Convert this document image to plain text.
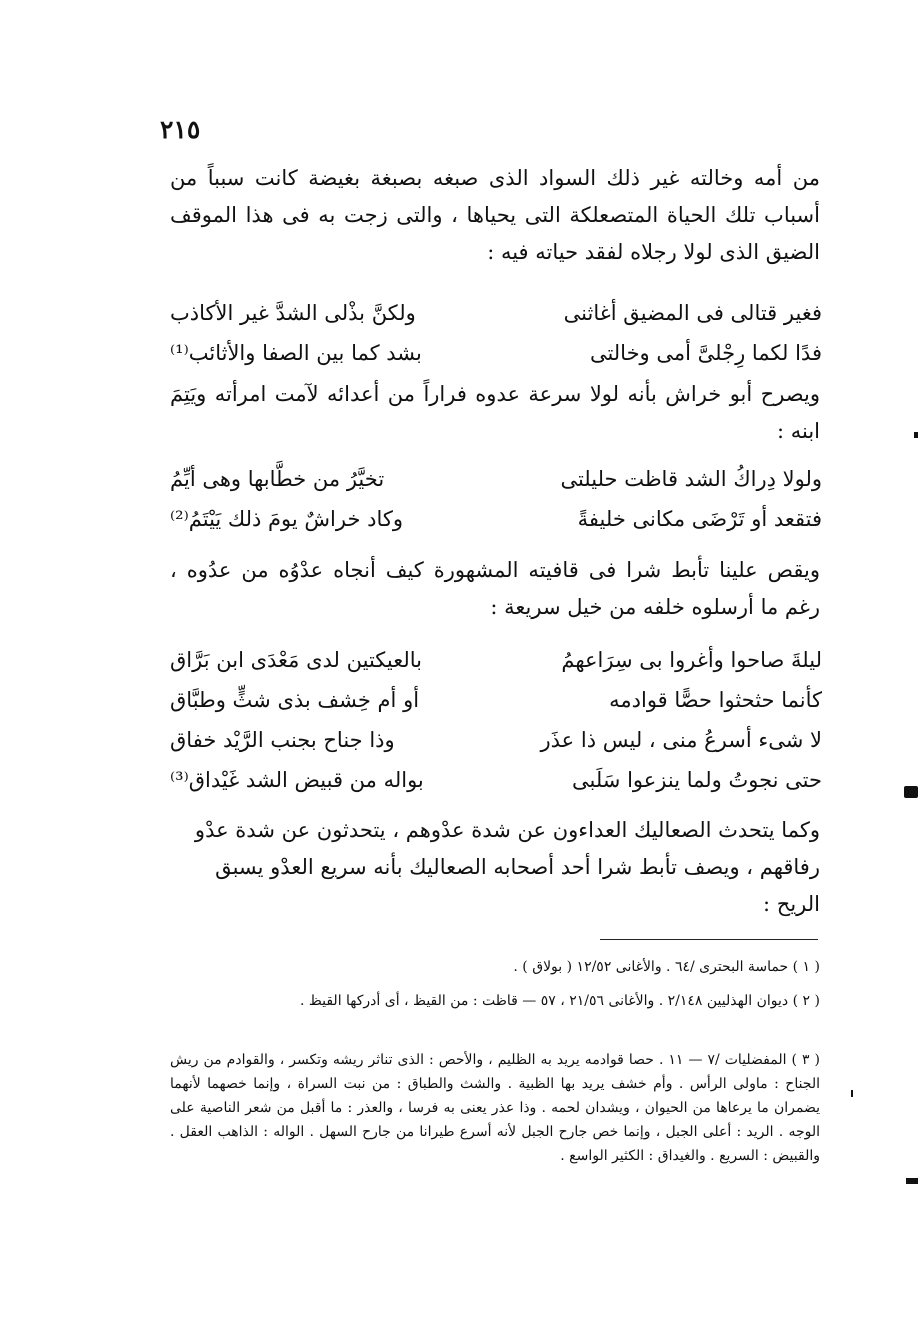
٢١٥
من أمه وخالته غير ذلك السواد الذى صبغه بصبغة بغيضة كانت سبباً من أسباب تلك الحياة المتصعلكة التى يحياها ، والتى زجت به فى هذا الموقف الضيق الذى لولا رجلاه لفقد حياته فيه :
فغير قتالى فى المضيق أغاثنى
ولكنَّ بذْلى الشدَّ غير الأكاذب
فدًا لكما رِجْلىَّ أمى وخالتى
بشد كما بين الصفا والأثائب⁽¹⁾
ويصرح أبو خراش بأنه لولا سرعة عدوه فراراً من أعدائه لآمت امرأته ويَتِمَ ابنه :
ولولا دِراكُ الشد قاظت حليلتى
تخيَّرُ من خطَّابها وهى أيِّمُ
فتقعد أو تَرْضَى مكانى خليفةً
وكاد خراشٌ يومَ ذلك يَيْتَمُ⁽²⁾
ويقص علينا تأبط شرا فى قافيته المشهورة كيف أنجاه عدْوُه من عدُوه ، رغم ما أرسلوه خلفه من خيل سريعة :
ليلةَ صاحوا وأغروا بى سِرَاعهمُ
بالعيكتين لدى مَعْدَى ابن بَرَّاق
كأنما حثحثوا حصًّا قوادمه
أو أم خِشف بذى شثٍّ وطبَّاق
لا شىء أسرعُ منى ، ليس ذا عذَر
وذا جناح بجنب الرَّيْد خفاق
حتى نجوتُ ولما ينزعوا سَلَبى
بواله من قبيض الشد غَيْداق⁽³⁾
وكما يتحدث الصعاليك العداءون عن شدة عدْوهم ، يتحدثون عن شدة عدْو رفاقهم ، ويصف تأبط شرا أحد أصحابه الصعاليك بأنه سريع العدْو يسبق الريح :
( ١ ) حماسة البحترى /٦٤ . والأغانى ١٢/٥٢ ( بولاق ) .
( ٢ ) ديوان الهذليين ٢/١٤٨ . والأغانى ٢١/٥٦ ، ٥٧ — قاظت : من القيظ ، أى أدركها القيظ .
( ٣ ) المفضليات /٧ — ١١ . حصا قوادمه يريد به الظليم ، والأحص : الذى تناثر ريشه وتكسر ، والقوادم من ريش الجناح : ماولى الرأس . وأم خشف يريد بها الظبية . والشث والطباق : من نبت السراة ، وإنما خصهما لأنهما يضمران ما يرعاها من الحيوان ، ويشدان لحمه . وذا عذر يعنى به فرسا ، والعذر : ما أقبل من شعر الناصية على الوجه . الريد : أعلى الجبل ، وإنما خص جارح الجبل لأنه أسرع طيرانا من جارح السهل . الواله : الذاهب العقل . والقبيض : السريع . والغيداق : الكثير الواسع .
